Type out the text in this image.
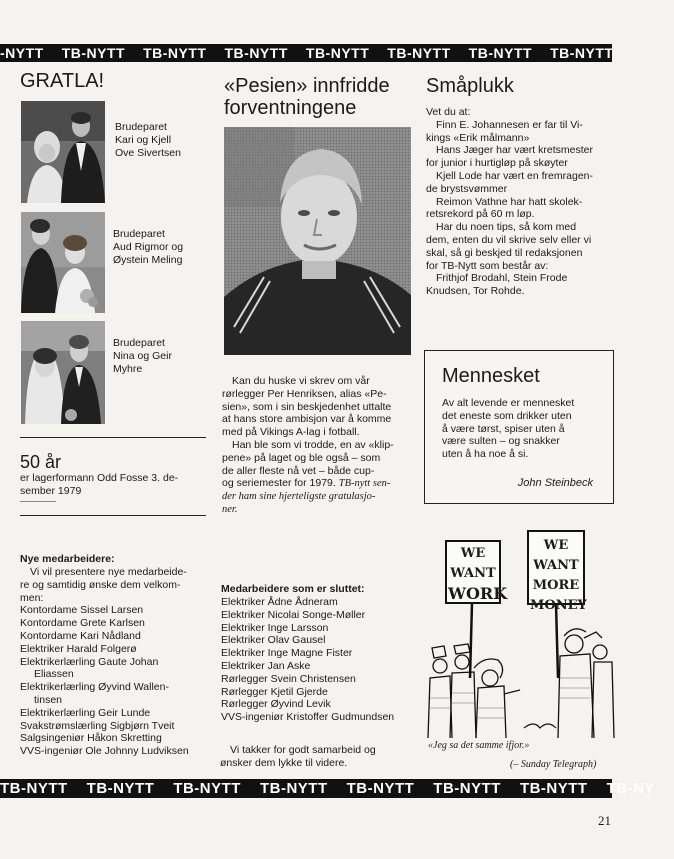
-NYTT TB-NYTT TB-NYTT TB-NYTT TB-NYTT TB-NYTT TB-NYTT TB-NYTT
GRATLA!
Brudeparet
Kari og Kjell
Ove Sivertsen
Brudeparet
Aud Rigmor og
Øystein Meling
Brudeparet
Nina og Geir
Myhre
50 år
er lagerformann Odd Fosse 3. de-
sember 1979
Nye medarbeidere:
Vi vil presentere nye medarbeide-
re og samtidig ønske dem velkom-
men:
Kontordame Sissel Larsen
Kontordame Grete Karlsen
Kontordame Kari Nådland
Elektriker Harald Folgerø
Elektrikerlærling Gaute Johan
Eliassen
Elektrikerlærling Øyvind Wallen-
tinsen
Elektrikerlærling Geir Lunde
Svakstrømslærling Sigbjørn Tveit
Salgsingeniør Håkon Skretting
VVS-ingeniør Ole Johnny Ludviksen
«Pesien» innfridde
forventningene
Kan du huske vi skrev om vår
rørlegger Per Henriksen, alias «Pe-
sien», som i sin beskjedenhet uttalte
at hans store ambisjon var å komme
med på Vikings A-lag i fotball.
Han ble som vi trodde, en av «klip-
pene» på laget og ble også – som
de aller fleste nå vet – både cup-
og seriemester for 1979. TB-nytt sen-
der ham sine hjerteligste gratulasjo-
ner.
Medarbeidere som er sluttet:
Elektriker Ådne Ådneram
Elektriker Nicolai Songe-Møller
Elektriker Inge Larsson
Elektriker Olav Gausel
Elektriker Inge Magne Fister
Elektriker Jan Aske
Rørlegger Svein Christensen
Rørlegger Kjetil Gjerde
Rørlegger Øyvind Levik
VVS-ingeniør Kristoffer Gudmundsen
Vi takker for godt samarbeid og
ønsker dem lykke til videre.
Småplukk
Vet du at:
Finn E. Johannesen er far til Vi-
kings «Erik målmann»
Hans Jæger har vært kretsmester
for junior i hurtigløp på skøyter
Kjell Lode har vært en fremragen-
de brystsvømmer
Reimon Vathne har hatt skolek-
retsrekord på 60 m løp.
Har du noen tips, så kom med
dem, enten du vil skrive selv eller vi
skal, så gi beskjed til redaksjonen
for TB-Nytt som består av:
Frithjof Brodahl, Stein Frode
Knudsen, Tor Rohde.
Mennesket
Av alt levende er mennesket
det eneste som drikker uten
å være tørst, spiser uten å
være sulten – og snakker
uten å ha noe å si.
John Steinbeck
WE WANT
WORK
WE WANT
MORE
MONEY
«Jeg sa det samme ifjor.»
(– Sunday Telegraph)
TB-NYTT TB-NYTT TB-NYTT TB-NYTT TB-NYTT TB-NYTT TB-NYTT TB-NY
21
